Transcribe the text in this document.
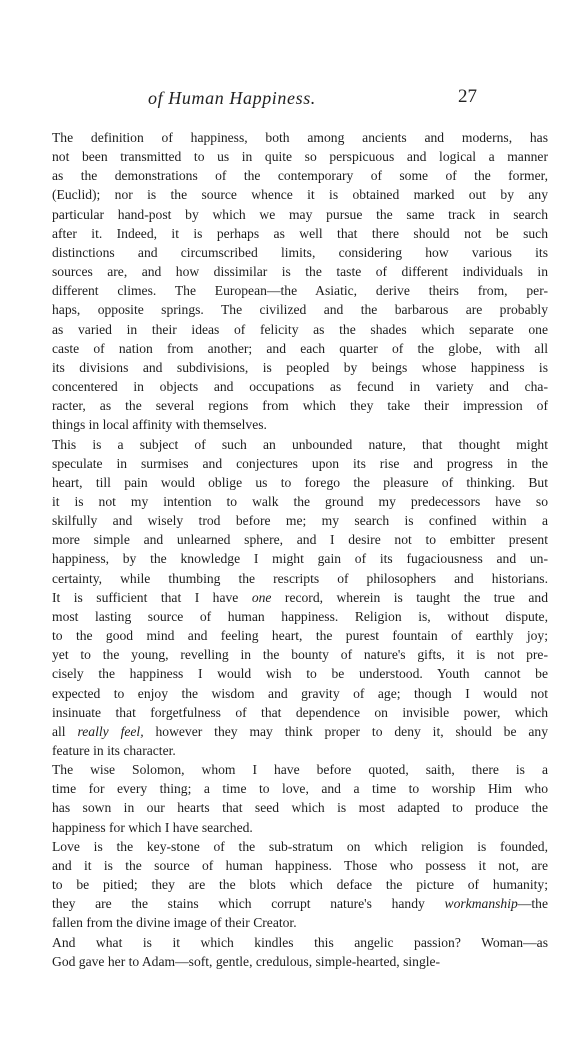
of Human Happiness.	27

The definition of happiness, both among ancients and moderns, has
not been transmitted to us in quite so perspicuous and logical a manner
as the demonstrations of the contemporary of some of the former,
(Euclid); nor is the source whence it is obtained marked out by any
particular hand-post by which we may pursue the same track in search
after it. Indeed, it is perhaps as well that there should not be such
distinctions and circumscribed limits, considering how various its
sources are, and how dissimilar is the taste of different individuals in
different climes. The European—the Asiatic, derive theirs from, per-
haps, opposite springs. The civilized and the barbarous are probably
as varied in their ideas of felicity as the shades which separate one
caste of nation from another; and each quarter of the globe, with all
its divisions and subdivisions, is peopled by beings whose happiness is
concentered in objects and occupations as fecund in variety and cha-
racter, as the several regions from which they take their impression of
things in local affinity with themselves.

This is a subject of such an unbounded nature, that thought might
speculate in surmises and conjectures upon its rise and progress in the
heart, till pain would oblige us to forego the pleasure of thinking. But
it is not my intention to walk the ground my predecessors have so
skilfully and wisely trod before me; my search is confined within a
more simple and unlearned sphere, and I desire not to embitter present
happiness, by the knowledge I might gain of its fugaciousness and un-
certainty, while thumbing the rescripts of philosophers and historians.
It is sufficient that I have one record, wherein is taught the true and
most lasting source of human happiness. Religion is, without dispute,
to the good mind and feeling heart, the purest fountain of earthly joy;
yet to the young, revelling in the bounty of nature's gifts, it is not pre-
cisely the happiness I would wish to be understood. Youth cannot be
expected to enjoy the wisdom and gravity of age; though I would not
insinuate that forgetfulness of that dependence on invisible power, which
all really feel, however they may think proper to deny it, should be any
feature in its character.

The wise Solomon, whom I have before quoted, saith, there is a
time for every thing; a time to love, and a time to worship Him who
has sown in our hearts that seed which is most adapted to produce the
happiness for which I have searched.

Love is the key-stone of the sub-stratum on which religion is founded,
and it is the source of human happiness. Those who possess it not, are
to be pitied; they are the blots which deface the picture of humanity;
they are the stains which corrupt nature's handy workmanship—the
fallen from the divine image of their Creator.

And what is it which kindles this angelic passion? Woman—as
God gave her to Adam—soft, gentle, credulous, simple-hearted, single-
